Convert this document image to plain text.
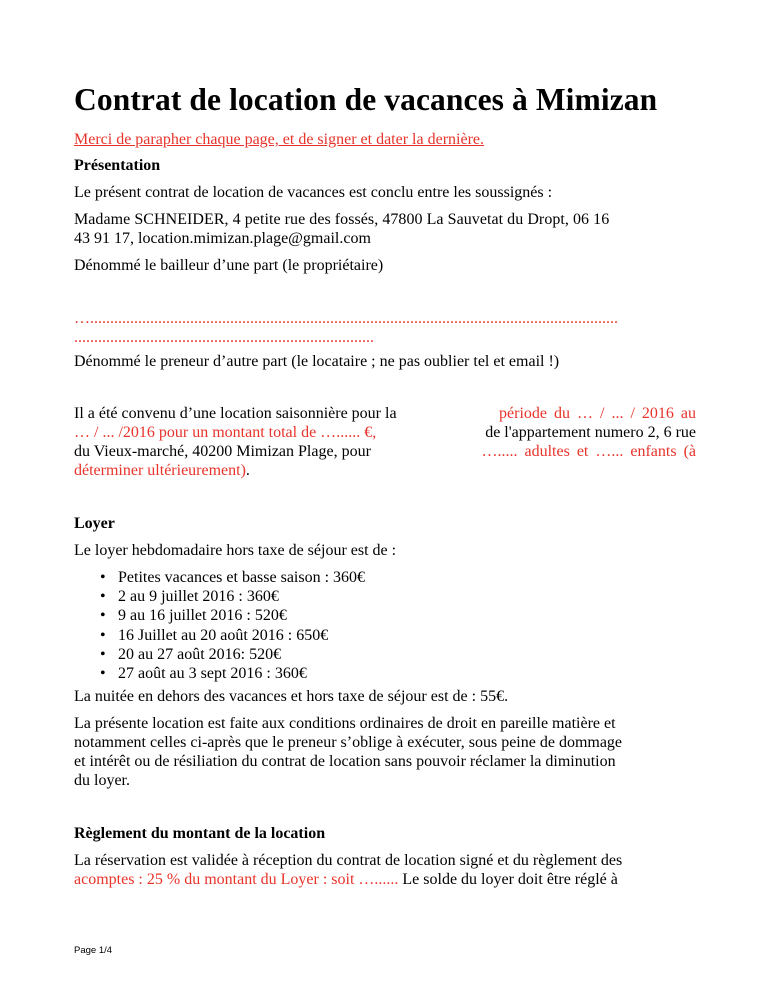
Contrat de location de vacances à Mimizan

Merci de parapher chaque page, et de signer et dater la dernière.

Présentation

Le présent contrat de location de vacances est conclu entre les soussignés :

Madame SCHNEIDER, 4 petite rue des fossés, 47800 La Sauvetat du Dropt, 06 16

43 91 17, location.mimizan.plage@gmail.com

Dénommé le bailleur d’une part (le propriétaire)

…....................................................................................................................................

...........................................................................

Dénommé le preneur d’autre part (le locataire ; ne pas oublier tel et email !)

Il a été convenu d’une location saisonnière pour la	période du … / ... / 2016 au
… / ... /2016 pour un montant total de …...... €,	de l'appartement numero 2, 6 rue
du Vieux-marché, 40200 Mimizan Plage, pour	…..... adultes et …... enfants (à
déterminer ultérieurement).

Loyer

Le loyer hebdomadaire hors taxe de séjour est de :

• Petites vacances et basse saison : 360€
• 2 au 9 juillet 2016 : 360€
• 9 au 16 juillet 2016 : 520€
• 16 Juillet au 20 août 2016 : 650€
• 20 au 27 août 2016: 520€
• 27 août au 3 sept 2016 : 360€

La nuitée en dehors des vacances et hors taxe de séjour est de : 55€.

La présente location est faite aux conditions ordinaires de droit en pareille matière et
notamment celles ci-après que le preneur s’oblige à exécuter, sous peine de dommage
et intérêt ou de résiliation du contrat de location sans pouvoir réclamer la diminution
du loyer.

Règlement du montant de la location

La réservation est validée à réception du contrat de location signé et du règlement des
acomptes : 25 % du montant du Loyer : soit …...... Le solde du loyer doit être réglé à
Page 1/4
